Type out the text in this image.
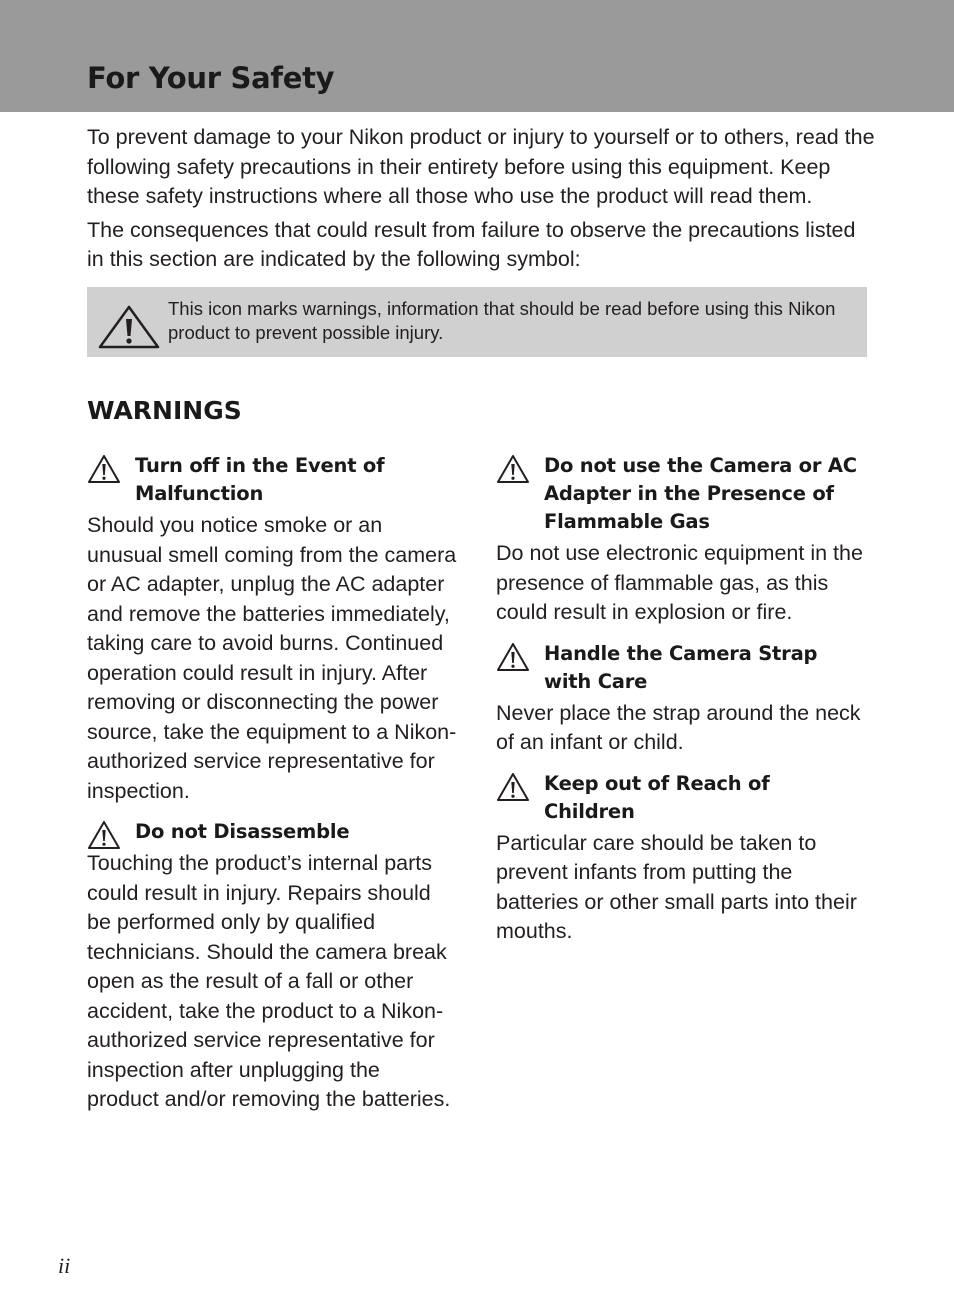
For Your Safety

To prevent damage to your Nikon product or injury to yourself or to others, read the following safety precautions in their entirety before using this equipment. Keep these safety instructions where all those who use the product will read them.

The consequences that could result from failure to observe the precautions listed in this section are indicated by the following symbol:

This icon marks warnings, information that should be read before using this Nikon product to prevent possible injury.
WARNINGS
Turn off in the Event of Malfunction
Should you notice smoke or an unusual smell coming from the camera or AC adapter, unplug the AC adapter and remove the batteries immediately, taking care to avoid burns. Continued operation could result in injury. After removing or disconnecting the power source, take the equipment to a Nikon-authorized service representative for inspection.
Do not Disassemble
Touching the product’s internal parts could result in injury. Repairs should be performed only by qualified technicians. Should the camera break open as the result of a fall or other accident, take the product to a Nikon-authorized service representative for inspection after unplugging the product and/or removing the batteries.
Do not use the Camera or AC Adapter in the Presence of Flammable Gas
Do not use electronic equipment in the presence of flammable gas, as this could result in explosion or fire.
Handle the Camera Strap with Care
Never place the strap around the neck of an infant or child.
Keep out of Reach of Children
Particular care should be taken to prevent infants from putting the batteries or other small parts into their mouths.
ii
